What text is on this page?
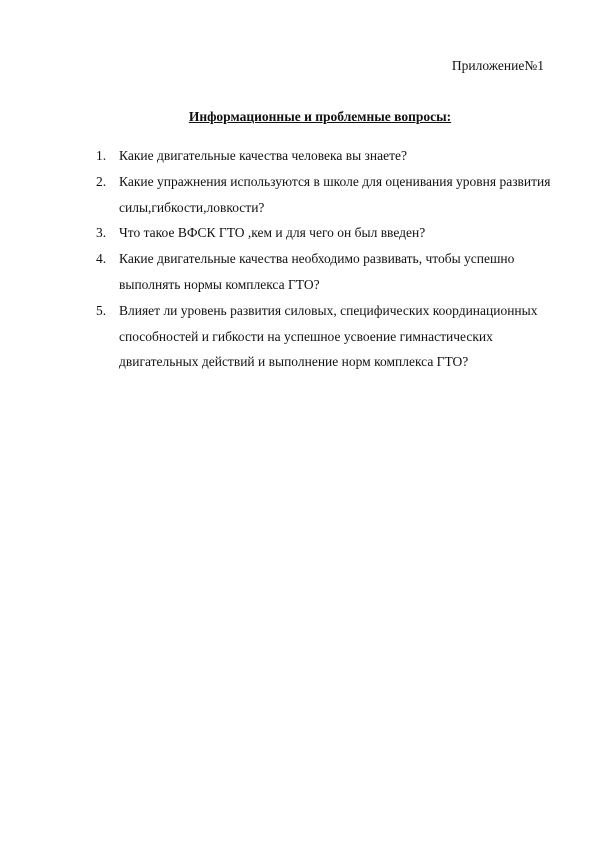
Приложение№1
Информационные и проблемные вопросы:
1. Какие двигательные качества человека вы знаете?
2. Какие упражнения используются в школе для оценивания уровня развития силы,гибкости,ловкости?
3. Что такое ВФСК ГТО ,кем и для чего он был введен?
4. Какие двигательные качества необходимо развивать, чтобы успешно выполнять нормы комплекса ГТО?
5. Влияет ли уровень развития силовых, специфических координационных способностей и гибкости на успешное усвоение гимнастических двигательных действий и выполнение норм комплекса ГТО?
